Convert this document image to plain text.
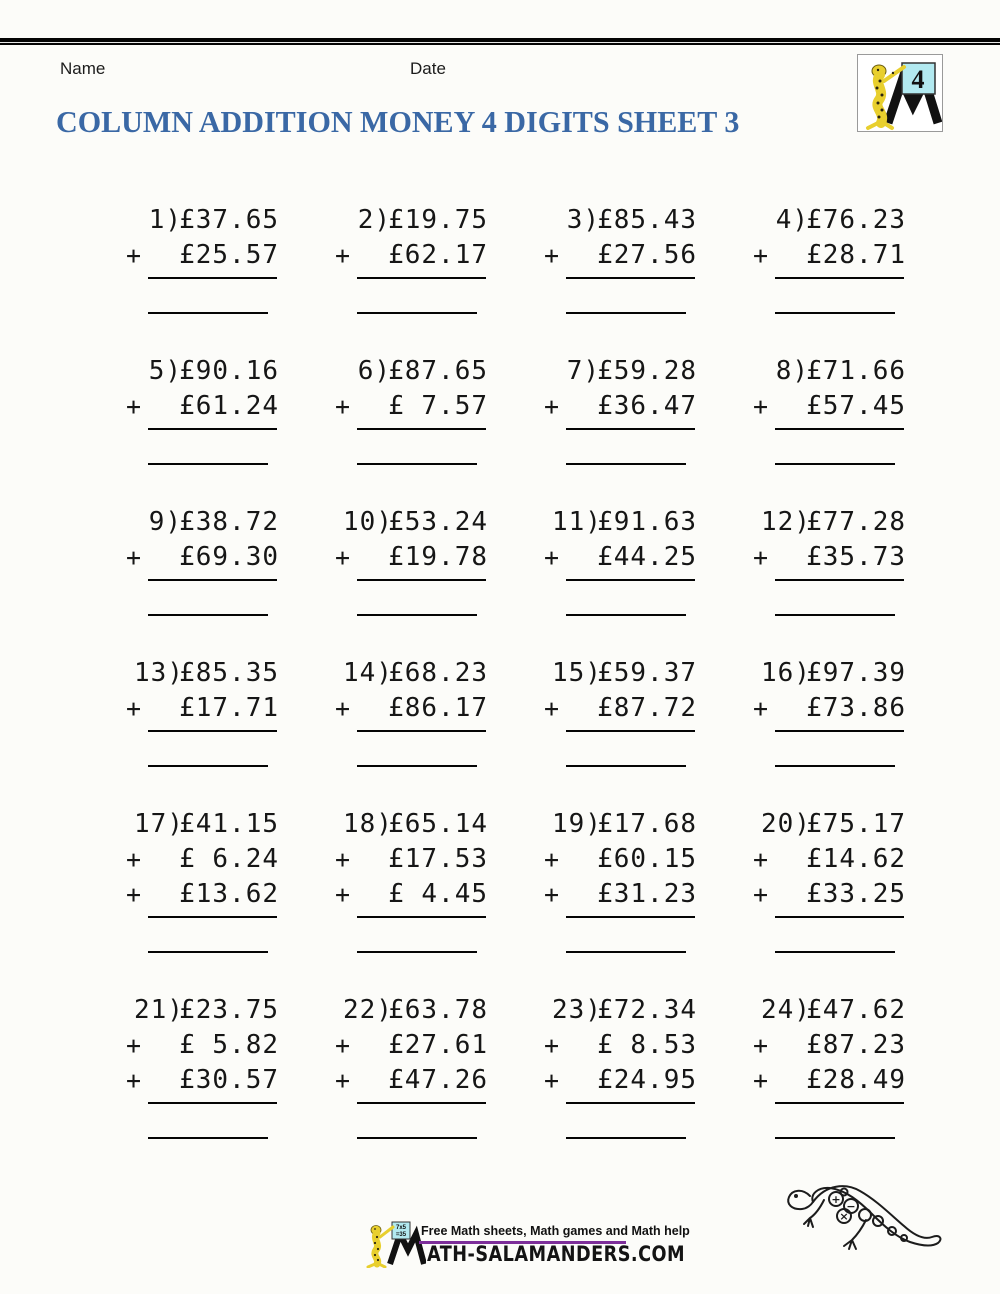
Name	Date
COLUMN ADDITION MONEY 4 DIGITS SHEET 3
4
£37.65
1)
£25.57
+
£19.75
2)
£62.17
+
£85.43
3)
£27.56
+
£76.23
4)
£28.71
+
£90.16
5)
£61.24
+
£87.65
6)
£ 7.57
+
£59.28
7)
£36.47
+
£71.66
8)
£57.45
+
£38.72
9)
£69.30
+
£53.24
10)
£19.78
+
£91.63
11)
£44.25
+
£77.28
12)
£35.73
+
£85.35
13)
£17.71
+
£68.23
14)
£86.17
+
£59.37
15)
£87.72
+
£97.39
16)
£73.86
+
£41.15
17)
£ 6.24
+
£13.62
+
£65.14
18)
£17.53
+
£ 4.45
+
£17.68
19)
£60.15
+
£31.23
+
£75.17
20)
£14.62
+
£33.25
+
£23.75
21)
£ 5.82
+
£30.57
+
£63.78
22)
£27.61
+
£47.26
+
£72.34
23)
£ 8.53
+
£24.95
+
£47.62
24)
£87.23
+
£28.49
+
7x5
=35 Free Math sheets, Math games and Math help
ATH-SALAMANDERS.COM
+
−
×
